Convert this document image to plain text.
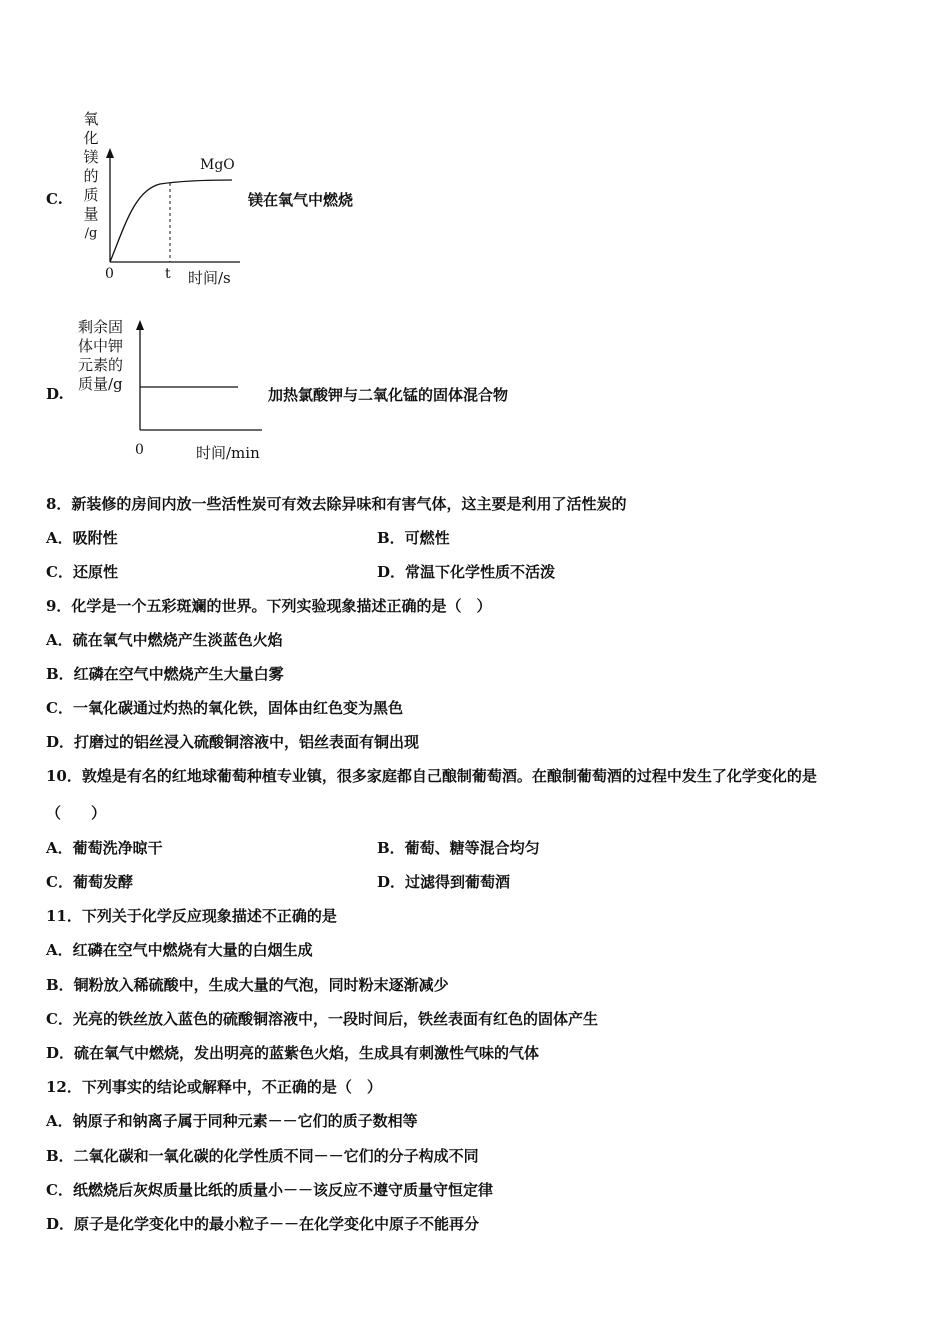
C.
氧
化
镁
的
质
量
/g
MgO
0	t 时间/s
镁在氧气中燃烧
D.
剩余固
体中钾
元素的
质量/g
0	时间/min
加热氯酸钾与二氧化锰的固体混合物
8．新装修的房间内放一些活性炭可有效去除异味和有害气体，这主要是利用了活性炭的
A．吸附性	B．可燃性
C．还原性	D．常温下化学性质不活泼
9．化学是一个五彩斑斓的世界。下列实验现象描述正确的是（　）
A．硫在氧气中燃烧产生淡蓝色火焰
B．红磷在空气中燃烧产生大量白雾
C．一氧化碳通过灼热的氧化铁，固体由红色变为黑色
D．打磨过的铝丝浸入硫酸铜溶液中，铝丝表面有铜出现
10．敦煌是有名的红地球葡萄种植专业镇，很多家庭都自己酿制葡萄酒。在酿制葡萄酒的过程中发生了化学变化的是
（　　）
A．葡萄洗净晾干	B．葡萄、糖等混合均匀
C．葡萄发酵	D．过滤得到葡萄酒
11．下列关于化学反应现象描述不正确的是
A．红磷在空气中燃烧有大量的白烟生成
B．铜粉放入稀硫酸中，生成大量的气泡，同时粉末逐渐减少
C．光亮的铁丝放入蓝色的硫酸铜溶液中，一段时间后，铁丝表面有红色的固体产生
D．硫在氧气中燃烧，发出明亮的蓝紫色火焰，生成具有刺激性气味的气体
12．下列事实的结论或解释中，不正确的是（　）
A．钠原子和钠离子属于同种元素－－它们的质子数相等
B．二氧化碳和一氧化碳的化学性质不同－－它们的分子构成不同
C．纸燃烧后灰烬质量比纸的质量小－－该反应不遵守质量守恒定律
D．原子是化学变化中的最小粒子－－在化学变化中原子不能再分
